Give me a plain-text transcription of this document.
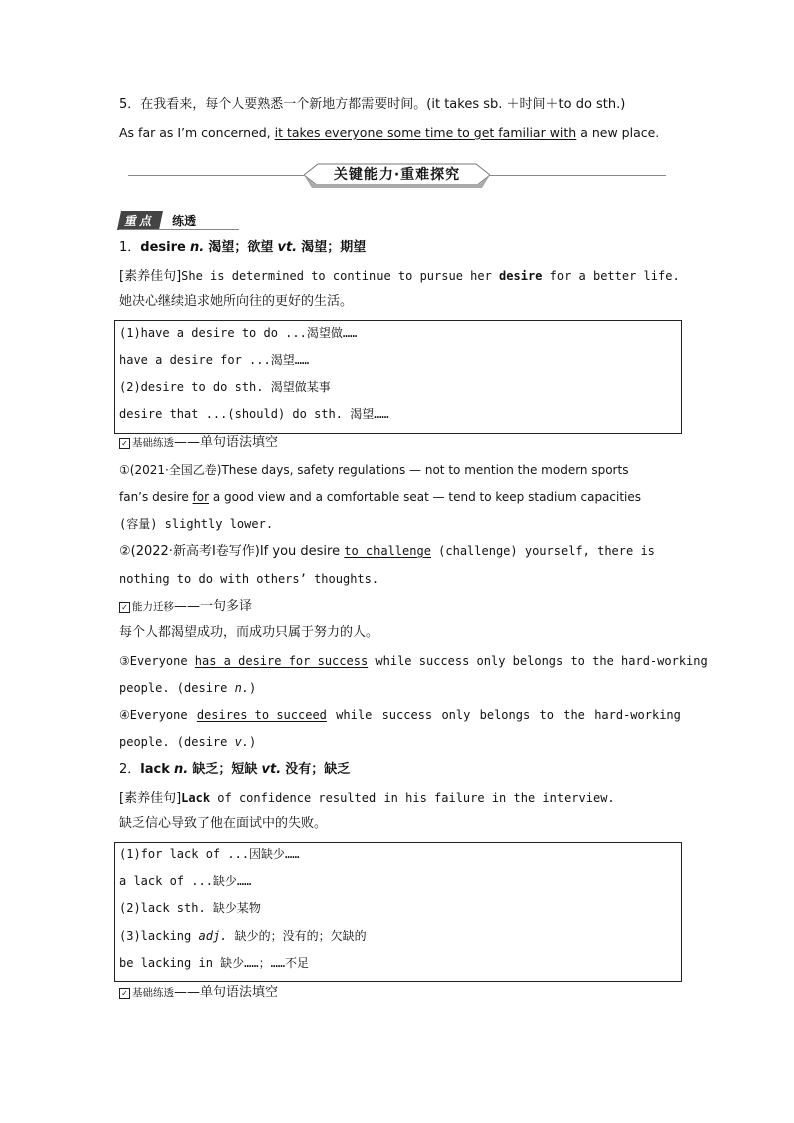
5．在我看来，每个人要熟悉一个新地方都需要时间。(it takes sb. ＋时间＋to do sth.)
As far as I’m concerned, it takes everyone some time to get familiar with a new place.
关键能力·重难探究
重点 练透
1．desire n. 渴望；欲望 vt. 渴望；期望
[素养佳句]She is determined to continue to pursue her desire for a better life.
她决心继续追求她所向往的更好的生活。
(1)have a desire to do ...渴望做……
have a desire for ...渴望……
(2)desire to do sth. 渴望做某事
desire that ...(should) do sth. 渴望……
✓ 基础练透——单句语法填空
①(2021·全国乙卷)These days, safety regulations — not to mention the modern sports
fan’s desire for a good view and a comfortable seat — tend to keep stadium capacities
(容量) slightly lower.
②(2022·新高考Ⅰ卷写作)If you desire to challenge (challenge) yourself, there is
nothing to do with others’ thoughts.
✓ 能力迁移——一句多译
每个人都渴望成功，而成功只属于努力的人。
③Everyone has a desire for success while success only belongs to the hard-working
people. (desire n.)
④Everyone desires to succeed while success only belongs to the hard-working
people. (desire v.)
2．lack n. 缺乏；短缺 vt. 没有；缺乏
[素养佳句]Lack of confidence resulted in his failure in the interview.
缺乏信心导致了他在面试中的失败。
(1)for lack of ...因缺少……
a lack of ...缺少……
(2)lack sth. 缺少某物
(3)lacking adj. 缺少的；没有的；欠缺的
be lacking in 缺少……；……不足
✓ 基础练透——单句语法填空
